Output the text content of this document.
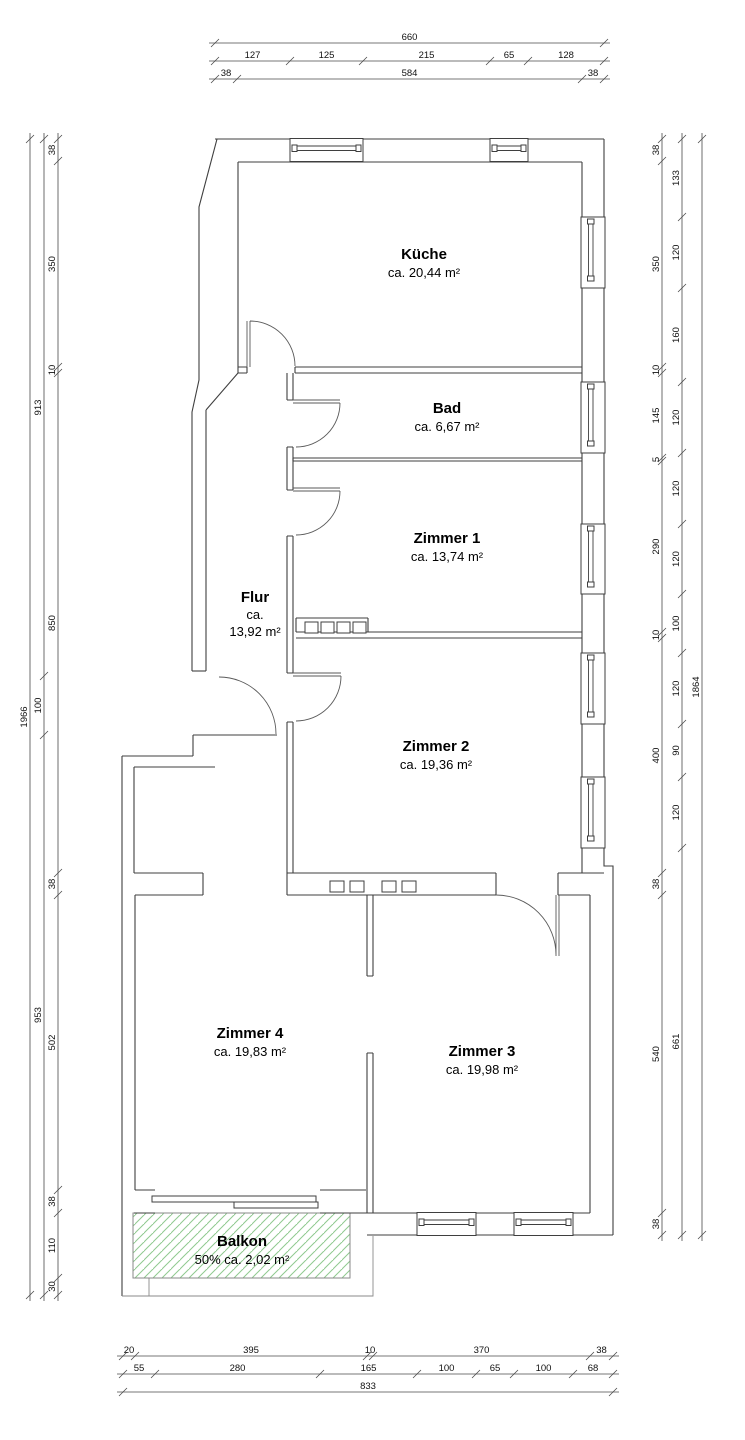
Küche
ca. 20,44 m²
Bad
ca. 6,67 m²
Zimmer 1
ca. 13,74 m²
Flur
ca.
13,92 m²
Zimmer 2
ca. 19,36 m²
Zimmer 4
ca. 19,83 m²	Zimmer 3
ca. 19,98 m²
Balkon
50% ca. 2,02 m²
660
127	125	215	65	128
38	584	38
20	395	10	370	38
55	280	165	100	65	100	68
833
1966
913
100
953
38
350
10
850
38
502
38
110
30
38
350
10
145
5
290
10
400
38
540
38
133
120
160
120
120
120
100
120
90
120
661
1864
